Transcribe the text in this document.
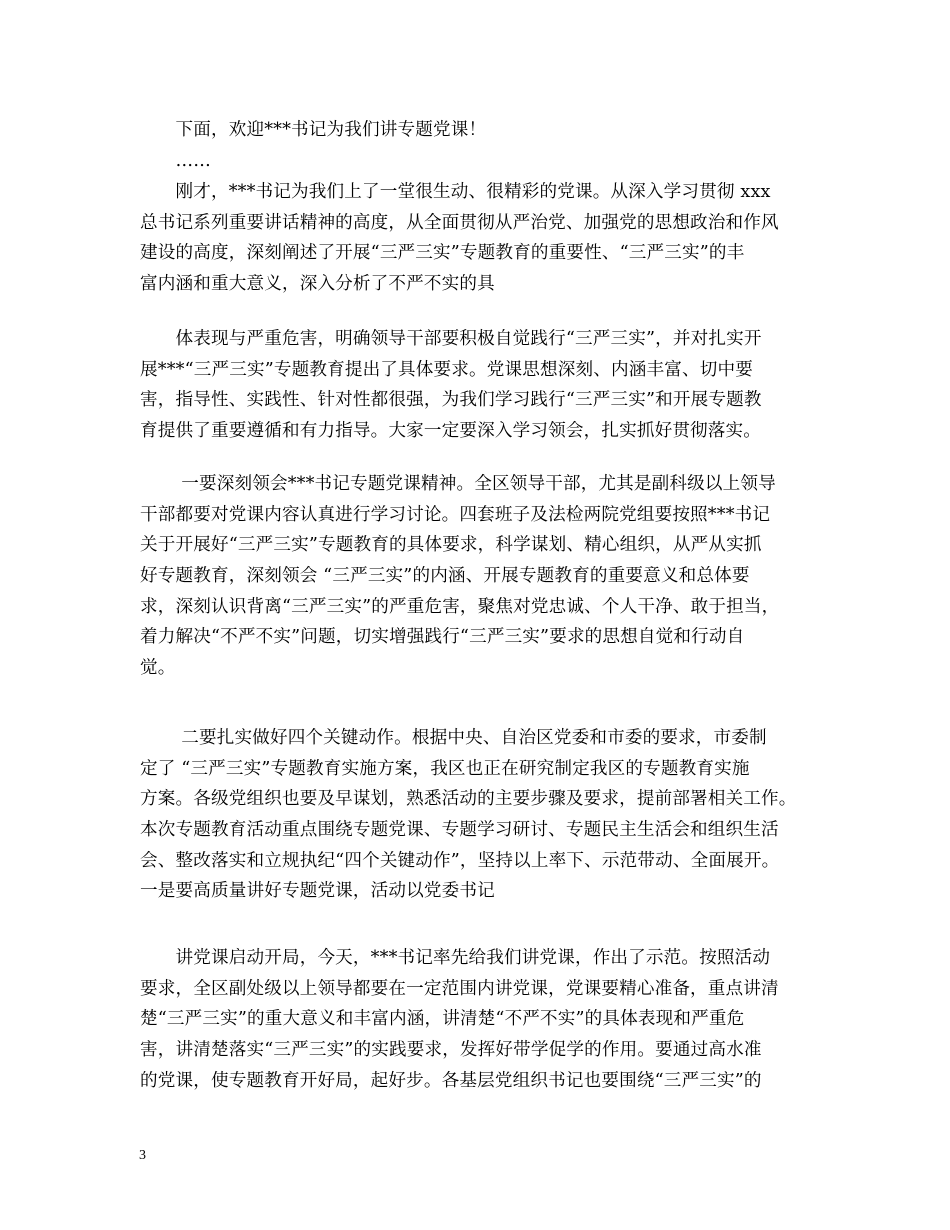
　　下面，欢迎***书记为我们讲专题党课！
　　……
　　刚才，***书记为我们上了一堂很生动、很精彩的党课。从深入学习贯彻 xxx
总书记系列重要讲话精神的高度，从全面贯彻从严治党、加强党的思想政治和作风
建设的高度，深刻阐述了开展“三严三实”专题教育的重要性、“三严三实”的丰
富内涵和重大意义，深入分析了不严不实的具
　　体表现与严重危害，明确领导干部要积极自觉践行“三严三实”，并对扎实开
展***“三严三实”专题教育提出了具体要求。党课思想深刻、内涵丰富、切中要
害，指导性、实践性、针对性都很强，为我们学习践行“三严三实”和开展专题教
育提供了重要遵循和有力指导。大家一定要深入学习领会，扎实抓好贯彻落实。
　　 一要深刻领会***书记专题党课精神。全区领导干部，尤其是副科级以上领导
干部都要对党课内容认真进行学习讨论。四套班子及法检两院党组要按照***书记
关于开展好“三严三实”专题教育的具体要求，科学谋划、精心组织，从严从实抓
好专题教育，深刻领会 “三严三实”的内涵、开展专题教育的重要意义和总体要
求，深刻认识背离“三严三实”的严重危害，聚焦对党忠诚、个人干净、敢于担当，
着力解决“不严不实”问题，切实增强践行“三严三实”要求的思想自觉和行动自
觉。
　　 二要扎实做好四个关键动作。根据中央、自治区党委和市委的要求，市委制
定了 “三严三实”专题教育实施方案，我区也正在研究制定我区的专题教育实施
方案。各级党组织也要及早谋划，熟悉活动的主要步骤及要求，提前部署相关工作。
本次专题教育活动重点围绕专题党课、专题学习研讨、专题民主生活会和组织生活
会、整改落实和立规执纪“四个关键动作”，坚持以上率下、示范带动、全面展开。
一是要高质量讲好专题党课，活动以党委书记
　　讲党课启动开局，今天，***书记率先给我们讲党课，作出了示范。按照活动
要求，全区副处级以上领导都要在一定范围内讲党课，党课要精心准备，重点讲清
楚“三严三实”的重大意义和丰富内涵，讲清楚“不严不实”的具体表现和严重危
害，讲清楚落实“三严三实”的实践要求，发挥好带学促学的作用。要通过高水准
的党课，使专题教育开好局，起好步。各基层党组织书记也要围绕“三严三实”的
3
